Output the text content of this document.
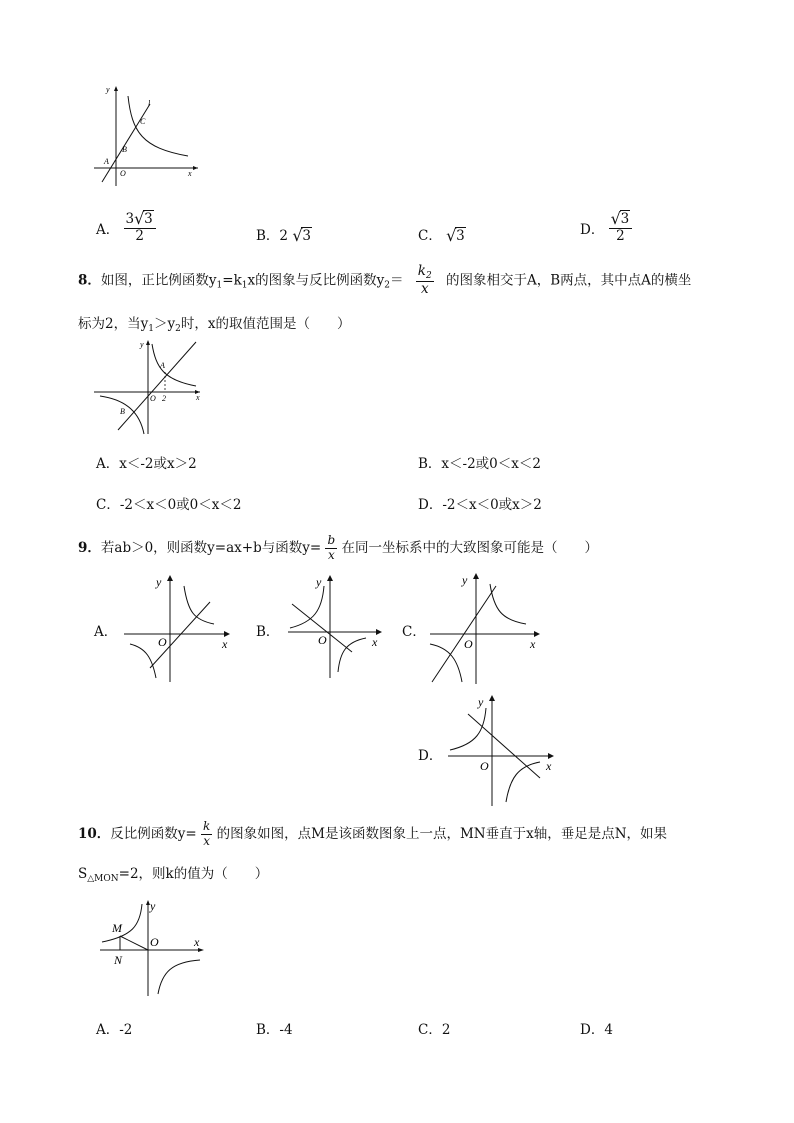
y
x
O
A
B
C
l
A． $\frac{3 √ 3}{2}$	B．2 √ 3	C． √ 3	D． $\frac{√ 3}{2}$
8．如图，正比例函数$y_1=k_1x$的图象与反比例函数$y_2= \frac{k_2}{x}$ 的图象相交于A，B两点，其中点A的横坐
标为2，当$y_1>y_2$时，x的取值范围是（　　）
y
x
O 2
A
B
A．x＜-2或x＞2	B．x＜-2或0＜x＜2
C．-2＜x＜0或0＜x＜2	D．-2＜x＜0或x＞2
9．若ab＞0，则函数y=ax+b与函数$y= \frac{b}{x}$ 在同一坐标系中的大致图象可能是（　　）
A．
y
x
O
B．
y
x
O	C．
y
x
O
D．
y
x
O
10．反比例函数$y= \frac{k}{x}$ 的图象如图，点M是该函数图象上一点，MN垂直于x轴，垂足是点N，如果
$S_{\triangle MON}=2$，则k的值为（　　）
y
x
O
M
N
A．-2	B．-4	C．2	D．4
